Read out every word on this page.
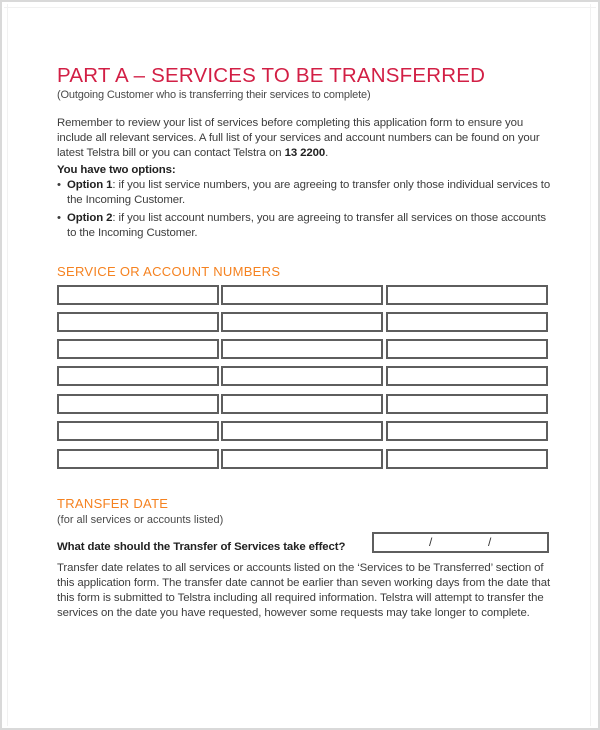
PART A – SERVICES TO BE TRANSFERRED
(Outgoing Customer who is transferring their services to complete)
Remember to review your list of services before completing this application form to ensure you include all relevant services. A full list of your services and account numbers can be found on your latest Telstra bill or you can contact Telstra on 13 2200.
You have two options:
• Option 1: if you list service numbers, you are agreeing to transfer only those individual services to the Incoming Customer.
• Option 2: if you list account numbers, you are agreeing to transfer all services on those accounts to the Incoming Customer.
SERVICE OR ACCOUNT NUMBERS
TRANSFER DATE
(for all services or accounts listed)
What date should the Transfer of Services take effect?	/	/
Transfer date relates to all services or accounts listed on the ‘Services to be Transferred’ section of this application form. The transfer date cannot be earlier than seven working days from the date that this form is submitted to Telstra including all required information. Telstra will attempt to transfer the services on the date you have requested, however some requests may take longer to complete.
